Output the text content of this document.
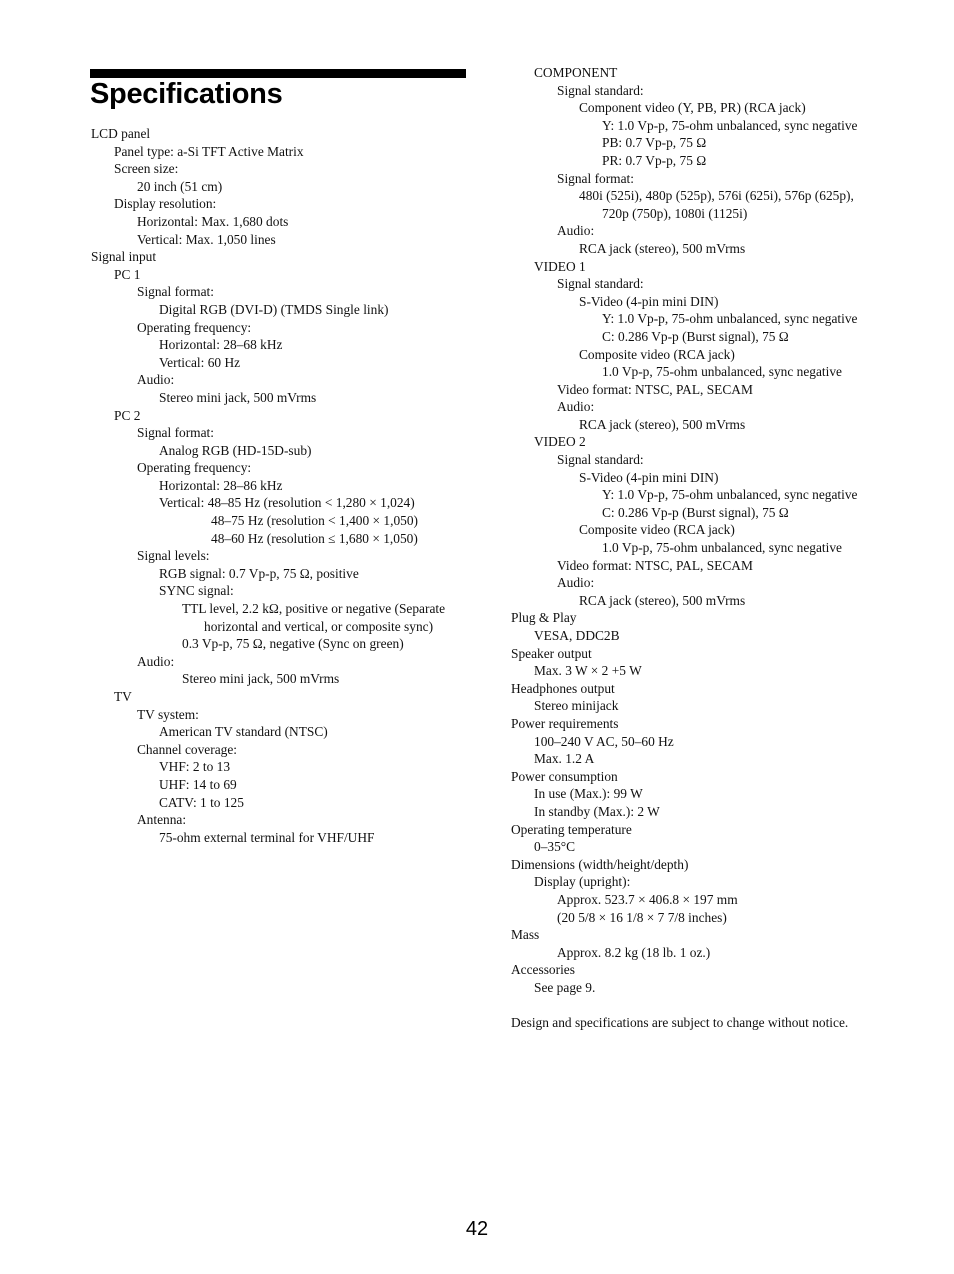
Specifications
LCD panel
Panel type: a-Si TFT Active Matrix
Screen size:
20 inch (51 cm)
Display resolution:
Horizontal: Max. 1,680 dots
Vertical: Max. 1,050 lines
Signal input
PC 1
Signal format:
Digital RGB (DVI-D) (TMDS Single link)
Operating frequency:
Horizontal: 28–68 kHz
Vertical: 60 Hz
Audio:
Stereo mini jack, 500 mVrms
PC 2
Signal format:
Analog RGB (HD-15D-sub)
Operating frequency:
Horizontal: 28–86 kHz
Vertical: 48–85 Hz (resolution < 1,280 × 1,024)
48–75 Hz (resolution < 1,400 × 1,050)
48–60 Hz (resolution ≤ 1,680 × 1,050)
Signal levels:
RGB signal: 0.7 Vp-p, 75 Ω, positive
SYNC signal:
TTL level, 2.2 kΩ, positive or negative (Separate
horizontal and vertical, or composite sync)
0.3 Vp-p, 75 Ω, negative (Sync on green)
Audio:
Stereo mini jack, 500 mVrms
TV
TV system:
American TV standard (NTSC)
Channel coverage:
VHF: 2 to 13
UHF: 14 to 69
CATV: 1 to 125
Antenna:
75-ohm external terminal for VHF/UHF
COMPONENT
Signal standard:
Component video (Y, PB, PR) (RCA jack)
Y: 1.0 Vp-p, 75-ohm unbalanced, sync negative
PB: 0.7 Vp-p, 75 Ω
PR: 0.7 Vp-p, 75 Ω
Signal format:
480i (525i), 480p (525p), 576i (625i), 576p (625p),
720p (750p), 1080i (1125i)
Audio:
RCA jack (stereo), 500 mVrms
VIDEO 1
Signal standard:
S-Video (4-pin mini DIN)
Y: 1.0 Vp-p, 75-ohm unbalanced, sync negative
C: 0.286 Vp-p (Burst signal), 75 Ω
Composite video (RCA jack)
1.0 Vp-p, 75-ohm unbalanced, sync negative
Video format: NTSC, PAL, SECAM
Audio:
RCA jack (stereo), 500 mVrms
VIDEO 2
Signal standard:
S-Video (4-pin mini DIN)
Y: 1.0 Vp-p, 75-ohm unbalanced, sync negative
C: 0.286 Vp-p (Burst signal), 75 Ω
Composite video (RCA jack)
1.0 Vp-p, 75-ohm unbalanced, sync negative
Video format: NTSC, PAL, SECAM
Audio:
RCA jack (stereo), 500 mVrms
Plug & Play
VESA, DDC2B
Speaker output
Max. 3 W × 2 +5 W
Headphones output
Stereo minijack
Power requirements
100–240 V AC, 50–60 Hz
Max. 1.2 A
Power consumption
In use (Max.): 99 W
In standby (Max.): 2 W
Operating temperature
0–35°C
Dimensions (width/height/depth)
Display (upright):
Approx. 523.7 × 406.8 × 197 mm
(20 5/8 × 16 1/8 × 7 7/8 inches)
Mass
Approx. 8.2 kg (18 lb. 1 oz.)
Accessories
See page 9.
Design and specifications are subject to change without notice.
42
